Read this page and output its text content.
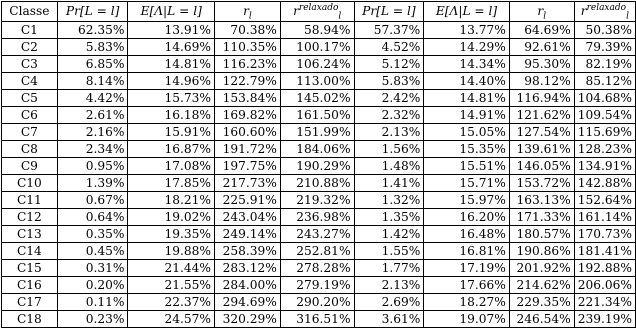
Classe	Pr[L = l]	E[Λ|L = l]	$r_l$	$r^{relaxado}_l$	Pr[L = l]	E[Λ|L = l]	$r_l$	$r^{relaxado}_l$
C1	62.35%	13.91%	70.38%	58.94%	57.37%	13.77%	64.69%	50.38%
C2	5.83%	14.69%	110.35%	100.17%	4.52%	14.29%	92.61%	79.39%
C3	6.85%	14.81%	116.23%	106.24%	5.12%	14.34%	95.30%	82.19%
C4	8.14%	14.96%	122.79%	113.00%	5.83%	14.40%	98.12%	85.12%
C5	4.42%	15.73%	153.84%	145.02%	2.42%	14.81%	116.94%	104.68%
C6	2.61%	16.18%	169.82%	161.50%	2.32%	14.91%	121.62%	109.54%
C7	2.16%	15.91%	160.60%	151.99%	2.13%	15.05%	127.54%	115.69%
C8	2.34%	16.87%	191.72%	184.06%	1.56%	15.35%	139.61%	128.23%
C9	0.95%	17.08%	197.75%	190.29%	1.48%	15.51%	146.05%	134.91%
C10	1.39%	17.85%	217.73%	210.88%	1.41%	15.71%	153.72%	142.88%
C11	0.67%	18.21%	225.91%	219.32%	1.32%	15.97%	163.13%	152.64%
C12	0.64%	19.02%	243.04%	236.98%	1.35%	16.20%	171.33%	161.14%
C13	0.35%	19.35%	249.14%	243.27%	1.42%	16.48%	180.57%	170.73%
C14	0.45%	19.88%	258.39%	252.81%	1.55%	16.81%	190.86%	181.41%
C15	0.31%	21.44%	283.12%	278.28%	1.77%	17.19%	201.92%	192.88%
C16	0.20%	21.55%	284.00%	279.19%	2.13%	17.66%	214.62%	206.06%
C17	0.11%	22.37%	294.69%	290.20%	2.69%	18.27%	229.35%	221.34%
C18	0.23%	24.57%	320.29%	316.51%	3.61%	19.07%	246.54%	239.19%
